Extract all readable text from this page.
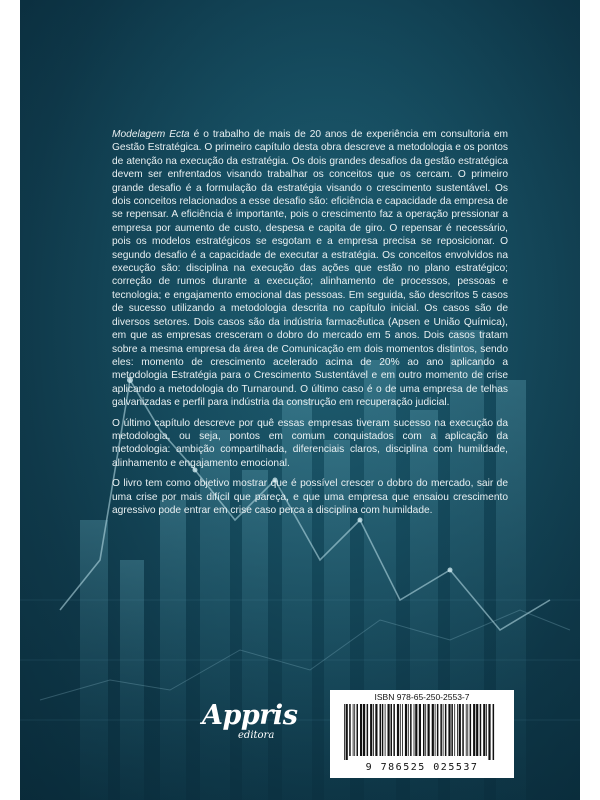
Modelagem Ecta é o trabalho de mais de 20 anos de experiência em consultoria em Gestão Estratégica. O primeiro capítulo desta obra descreve a metodologia e os pontos de atenção na execução da estratégia. Os dois grandes desafios da gestão estratégica devem ser enfrentados visando trabalhar os conceitos que os cercam. O primeiro grande desafio é a formulação da estratégia visando o crescimento sustentável. Os dois conceitos relacionados a esse desafio são: eficiência e capacidade da empresa de se repensar. A eficiência é importante, pois o crescimento faz a operação pressionar a empresa por aumento de custo, despesa e capita de giro. O repensar é necessário, pois os modelos estratégicos se esgotam e a empresa precisa se reposicionar. O segundo desafio é a capacidade de executar a estratégia. Os conceitos envolvidos na execução são: disciplina na execução das ações que estão no plano estratégico; correção de rumos durante a execução; alinhamento de processos, pessoas e tecnologia; e engajamento emocional das pessoas. Em seguida, são descritos 5 casos de sucesso utilizando a metodologia descrita no capítulo inicial. Os casos são de diversos setores. Dois casos são da indústria farmacêutica (Apsen e União Química), em que as empresas cresceram o dobro do mercado em 5 anos. Dois casos tratam sobre a mesma empresa da área de Comunicação em dois momentos distintos, sendo eles: momento de crescimento acelerado acima de 20% ao ano aplicando a metodologia Estratégia para o Crescimento Sustentável e em outro momento de crise aplicando a metodologia do Turnaround. O último caso é o de uma empresa de telhas galvanizadas e perfil para indústria da construção em recuperação judicial.

O último capítulo descreve por quê essas empresas tiveram sucesso na execução da metodologia, ou seja, pontos em comum conquistados com a aplicação da metodologia: ambição compartilhada, diferenciais claros, disciplina com humildade, alinhamento e engajamento emocional.

O livro tem como objetivo mostrar que é possível crescer o dobro do mercado, sair de uma crise por mais difícil que pareça, e que uma empresa que ensaiou crescimento agressivo pode entrar em crise caso perca a disciplina com humildade.

Appris
editora
ISBN 978-65-250-2553-7
9 786525 025537
